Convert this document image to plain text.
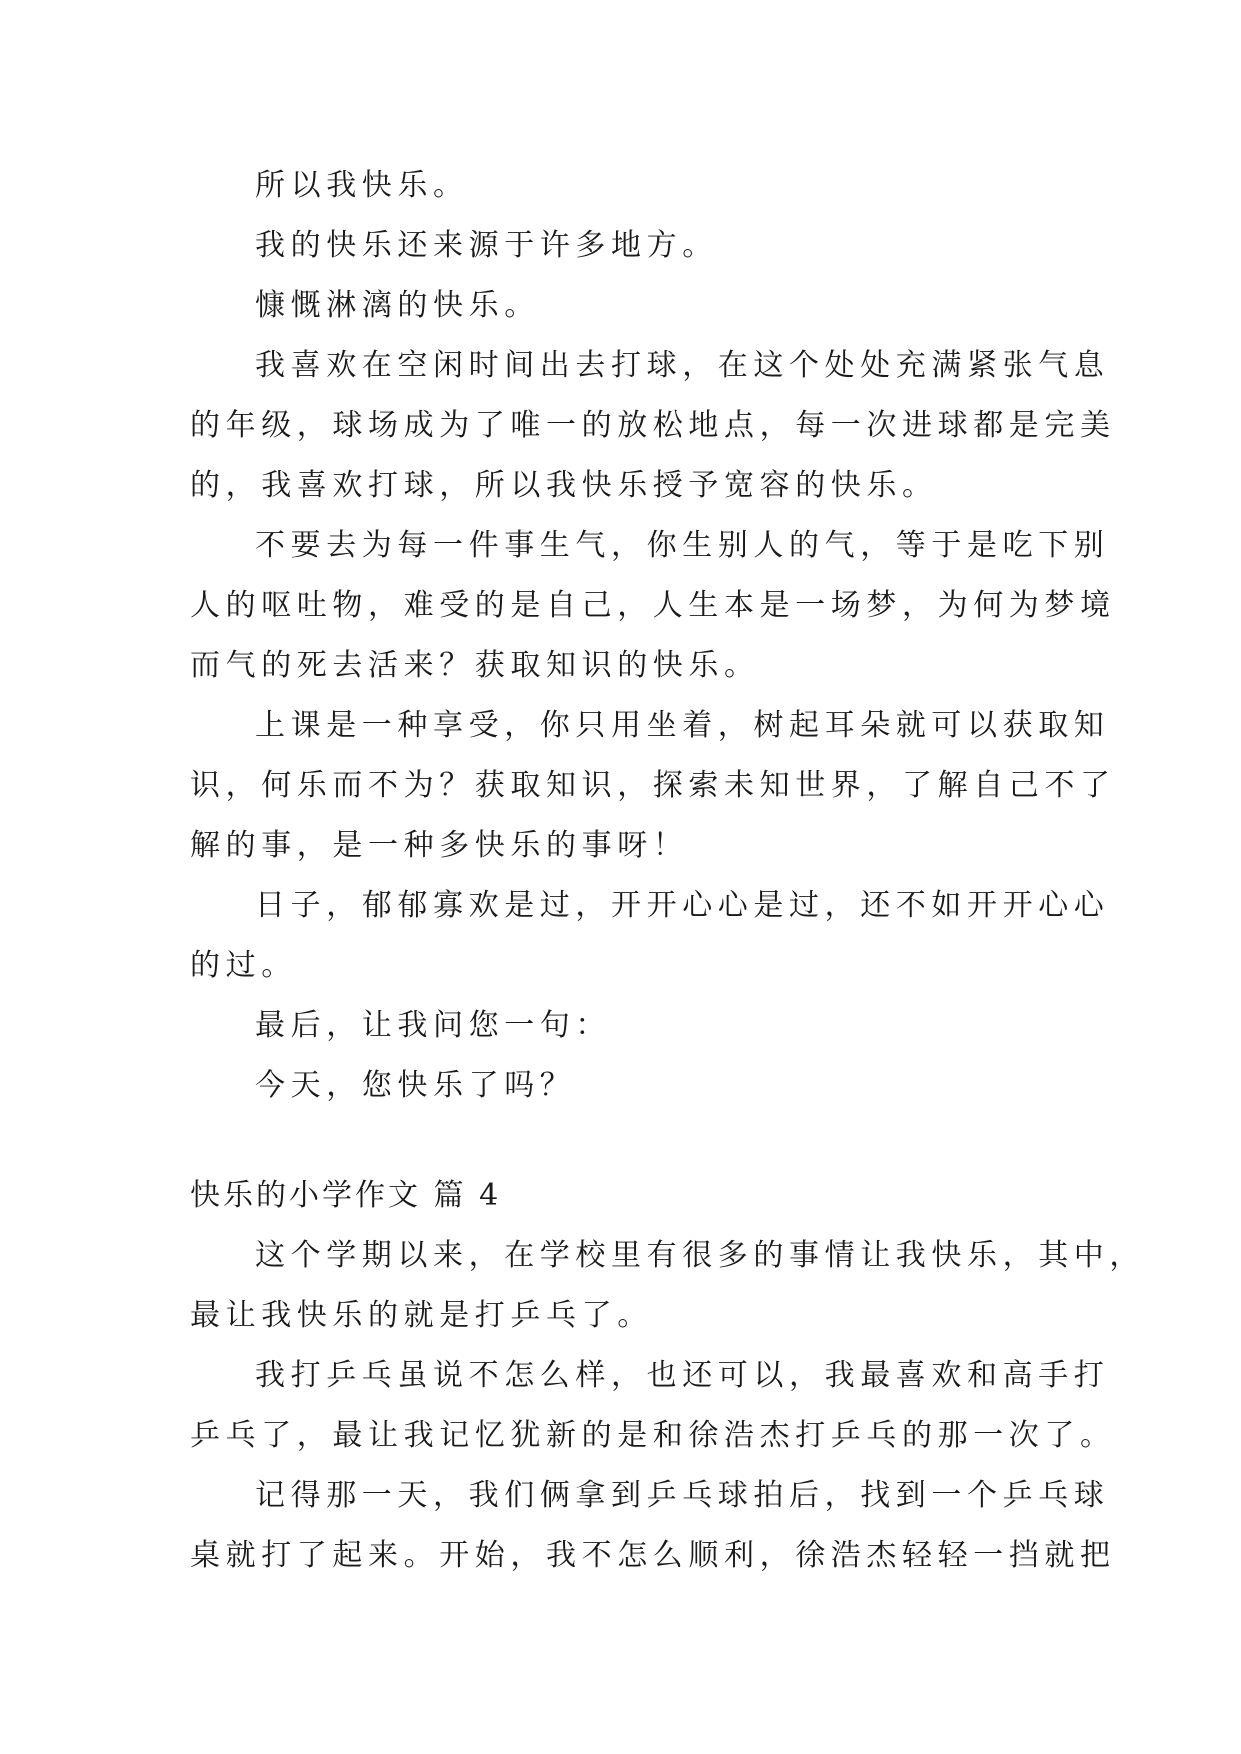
所以我快乐。
我的快乐还来源于许多地方。
慷慨淋漓的快乐。
我喜欢在空闲时间出去打球，在这个处处充满紧张气息
的年级，球场成为了唯一的放松地点，每一次进球都是完美
的，我喜欢打球，所以我快乐授予宽容的快乐。
不要去为每一件事生气，你生别人的气，等于是吃下别
人的呕吐物，难受的是自己，人生本是一场梦，为何为梦境
而气的死去活来？获取知识的快乐。
上课是一种享受，你只用坐着，树起耳朵就可以获取知
识，何乐而不为？获取知识，探索未知世界，了解自己不了
解的事，是一种多快乐的事呀！
日子，郁郁寡欢是过，开开心心是过，还不如开开心心
的过。
最后，让我问您一句：
今天，您快乐了吗？
快乐的小学作文 篇 4
这个学期以来，在学校里有很多的事情让我快乐，其中，
最让我快乐的就是打乒乓了。
我打乒乓虽说不怎么样，也还可以，我最喜欢和高手打
乒乓了，最让我记忆犹新的是和徐浩杰打乒乓的那一次了。
记得那一天，我们俩拿到乒乓球拍后，找到一个乒乓球
桌就打了起来。开始，我不怎么顺利，徐浩杰轻轻一挡就把
